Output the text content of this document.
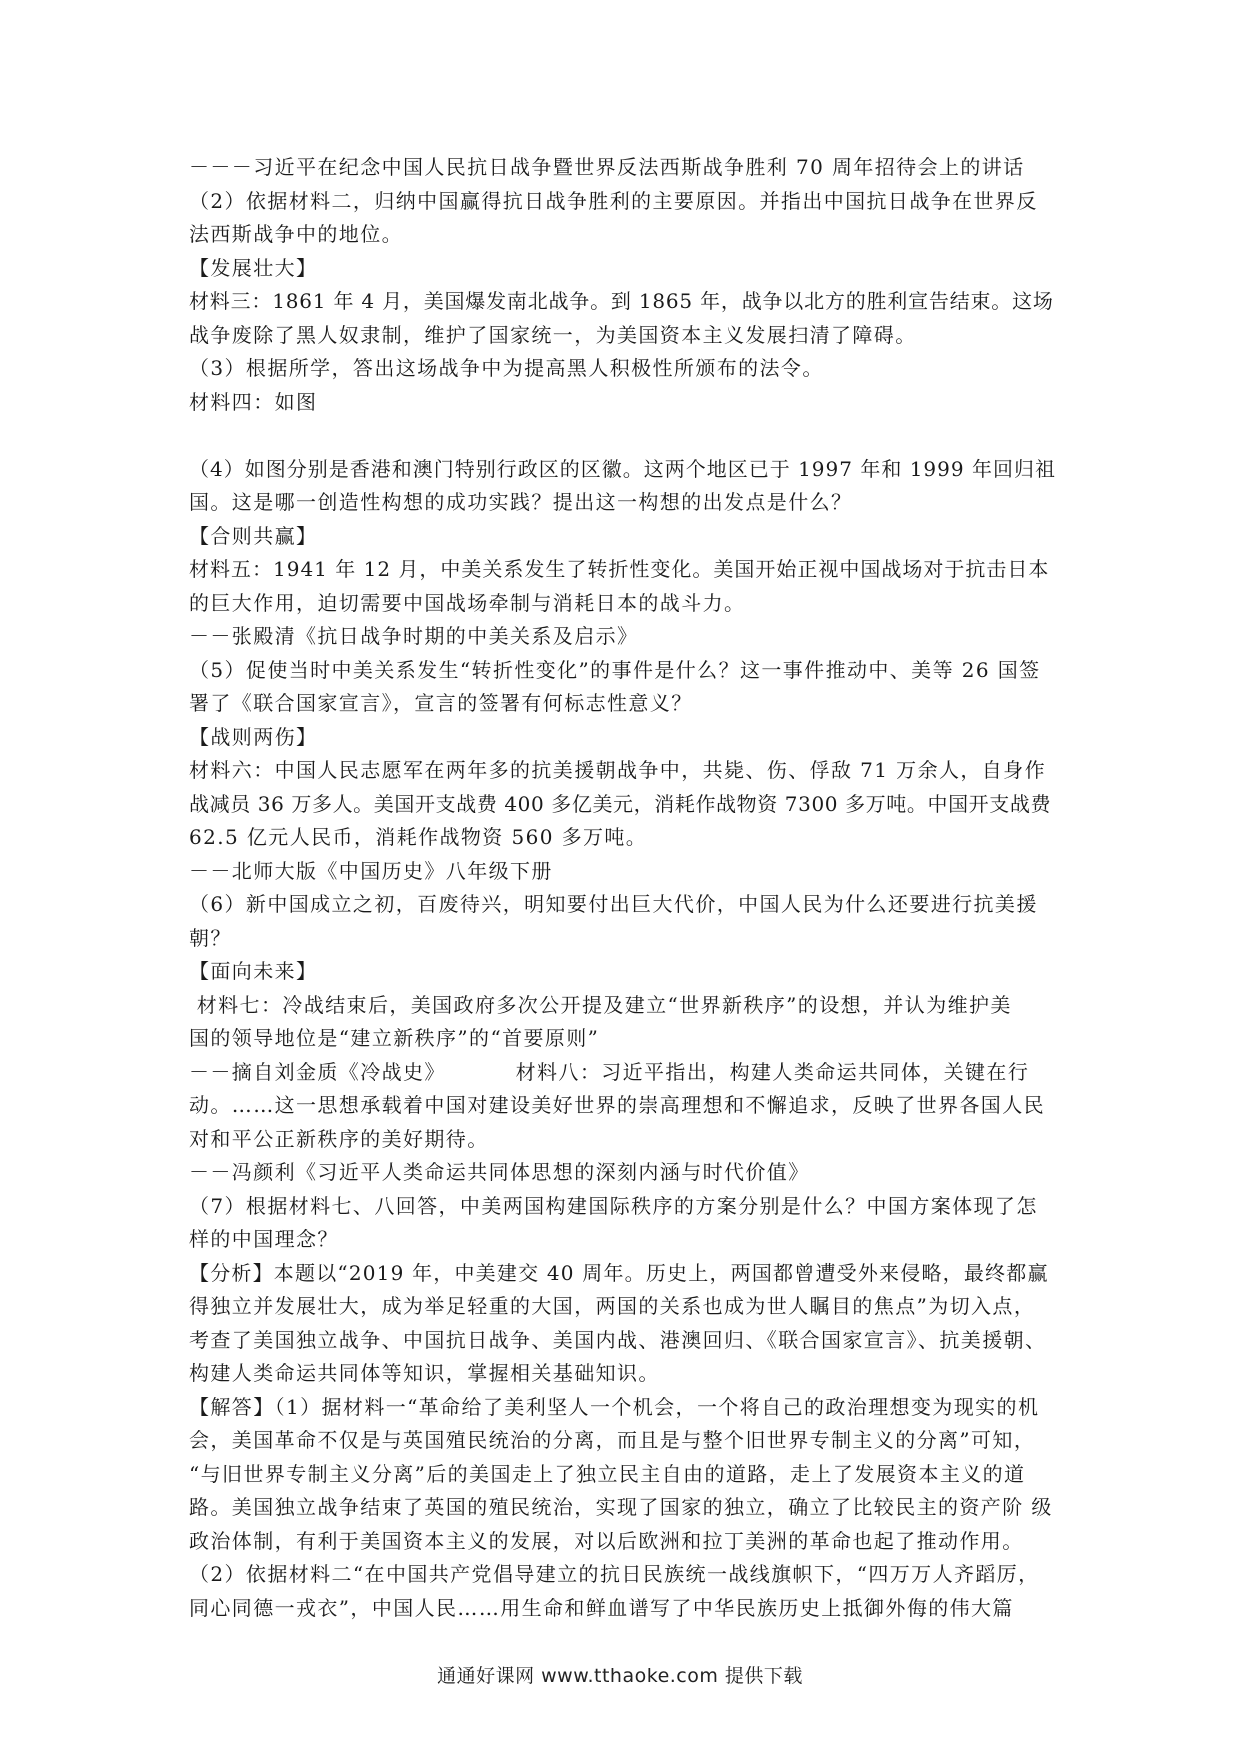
－－－习近平在纪念中国人民抗日战争暨世界反法西斯战争胜利 70 周年招待会上的讲话
（2）依据材料二，归纳中国赢得抗日战争胜利的主要原因。并指出中国抗日战争在世界反
法西斯战争中的地位。
【发展壮大】
材料三：1861 年 4 月，美国爆发南北战争。到 1865 年，战争以北方的胜利宣告结束。这场
战争废除了黑人奴隶制，维护了国家统一，为美国资本主义发展扫清了障碍。
（3）根据所学，答出这场战争中为提高黑人积极性所颁布的法令。
材料四：如图
（4）如图分别是香港和澳门特别行政区的区徽。这两个地区已于 1997 年和 1999 年回归祖
国。这是哪一创造性构想的成功实践？提出这一构想的出发点是什么？
【合则共赢】
材料五：1941 年 12 月，中美关系发生了转折性变化。美国开始正视中国战场对于抗击日本
的巨大作用，迫切需要中国战场牵制与消耗日本的战斗力。
－－张殿清《抗日战争时期的中美关系及启示》
（5）促使当时中美关系发生“转折性变化”的事件是什么？这一事件推动中、美等 26 国签
署了《联合国家宣言》，宣言的签署有何标志性意义？
【战则两伤】
材料六：中国人民志愿军在两年多的抗美援朝战争中，共毙、伤、俘敌 71 万余人，自身作
战减员 36 万多人。美国开支战费 400 多亿美元，消耗作战物资 7300 多万吨。中国开支战费
62.5 亿元人民币，消耗作战物资 560 多万吨。
－－北师大版《中国历史》八年级下册
（6）新中国成立之初，百废待兴，明知要付出巨大代价，中国人民为什么还要进行抗美援
朝？
【面向未来】
材料七：冷战结束后，美国政府多次公开提及建立“世界新秩序”的设想，并认为维护美
国的领导地位是“建立新秩序”的“首要原则”
－－摘自刘金质《冷战史》         材料八：习近平指出，构建人类命运共同体，关键在行
动。……这一思想承载着中国对建设美好世界的崇高理想和不懈追求，反映了世界各国人民
对和平公正新秩序的美好期待。
－－冯颜利《习近平人类命运共同体思想的深刻内涵与时代价值》
（7）根据材料七、八回答，中美两国构建国际秩序的方案分别是什么？中国方案体现了怎
样的中国理念？
【分析】本题以“2019 年，中美建交 40 周年。历史上，两国都曾遭受外来侵略，最终都赢
得独立并发展壮大，成为举足轻重的大国，两国的关系也成为世人瞩目的焦点”为切入点，
考查了美国独立战争、中国抗日战争、美国内战、港澳回归、《联合国家宣言》、抗美援朝、
构建人类命运共同体等知识，掌握相关基础知识。
【解答】（1）据材料一“革命给了美利坚人一个机会，一个将自己的政治理想变为现实的机
会，美国革命不仅是与英国殖民统治的分离，而且是与整个旧世界专制主义的分离”可知，
“与旧世界专制主义分离”后的美国走上了独立民主自由的道路，走上了发展资本主义的道
路。美国独立战争结束了英国的殖民统治，实现了国家的独立，确立了比较民主的资产阶 级
政治体制，有利于美国资本主义的发展，对以后欧洲和拉丁美洲的革命也起了推动作用。
（2）依据材料二“在中国共产党倡导建立的抗日民族统一战线旗帜下，“四万万人齐蹈厉，
同心同德一戎衣”，中国人民……用生命和鲜血谱写了中华民族历史上抵御外侮的伟大篇
通通好课网 www.tthaoke.com 提供下载
